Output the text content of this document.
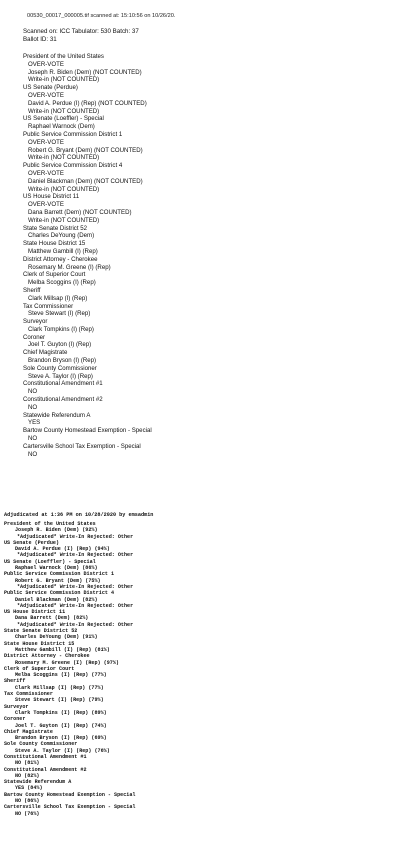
00530_00017_000005.tif scanned at: 15:10:56 on 10/26/20.
Scanned on: ICC Tabulator: 530 Batch: 37
Ballot ID: 31
President of the United States
OVER-VOTE
Joseph R. Biden (Dem) (NOT COUNTED)
Write-in (NOT COUNTED)
US Senate (Perdue)
OVER-VOTE
David A. Perdue (I) (Rep) (NOT COUNTED)
Write-in (NOT COUNTED)
US Senate (Loeffler) - Special
Raphael Warnock (Dem)
Public Service Commission District 1
OVER-VOTE
Robert G. Bryant (Dem) (NOT COUNTED)
Write-in (NOT COUNTED)
Public Service Commission District 4
OVER-VOTE
Daniel Blackman (Dem) (NOT COUNTED)
Write-in (NOT COUNTED)
US House District 11
OVER-VOTE
Dana Barrett (Dem) (NOT COUNTED)
Write-in (NOT COUNTED)
State Senate District 52
Charles DeYoung (Dem)
State House District 15
Matthew Gambill (I) (Rep)
District Attorney - Cherokee
Rosemary M. Greene (I) (Rep)
Clerk of Superior Court
Melba Scoggins (I) (Rep)
Sheriff
Clark Millsap (I) (Rep)
Tax Commissioner
Steve Stewart (I) (Rep)
Surveyor
Clark Tompkins (I) (Rep)
Coroner
Joel T. Guyton (I) (Rep)
Chief Magistrate
Brandon Bryson (I) (Rep)
Sole County Commissioner
Steve A. Taylor (I) (Rep)
Constitutional Amendment #1
NO
Constitutional Amendment #2
NO
Statewide Referendum A
YES
Bartow County Homestead Exemption - Special
NO
Cartersville School Tax Exemption - Special
NO
Adjudicated at 1:36 PM on 10/28/2020 by emsadmin
President of the United States
Joseph R. Biden (Dem) (92%)
*Adjudicated* Write-In Rejected: Other
US Senate (Perdue)
David A. Perdue (I) (Rep) (94%)
*Adjudicated* Write-In Rejected: Other
US Senate (Loeffler) - Special
Raphael Warnock (Dem) (86%)
Public Service Commission District 1
Robert G. Bryant (Dem) (75%)
*Adjudicated* Write-In Rejected: Other
Public Service Commission District 4
Daniel Blackman (Dem) (82%)
*Adjudicated* Write-In Rejected: Other
US House District 11
Dana Barrett (Dem) (82%)
*Adjudicated* Write-In Rejected: Other
State Senate District 52
Charles DeYoung (Dem) (91%)
State House District 15
Matthew Gambill (I) (Rep) (81%)
District Attorney - Cherokee
Rosemary M. Greene (I) (Rep) (97%)
Clerk of Superior Court
Melba Scoggins (I) (Rep) (77%)
Sheriff
Clark Millsap (I) (Rep) (77%)
Tax Commissioner
Steve Stewart (I) (Rep) (79%)
Surveyor
Clark Tompkins (I) (Rep) (89%)
Coroner
Joel T. Guyton (I) (Rep) (74%)
Chief Magistrate
Brandon Bryson (I) (Rep) (69%)
Sole County Commissioner
Steve A. Taylor (I) (Rep) (76%)
Constitutional Amendment #1
NO (81%)
Constitutional Amendment #2
NO (82%)
Statewide Referendum A
YES (84%)
Bartow County Homestead Exemption - Special
NO (86%)
Cartersville School Tax Exemption - Special
NO (76%)
